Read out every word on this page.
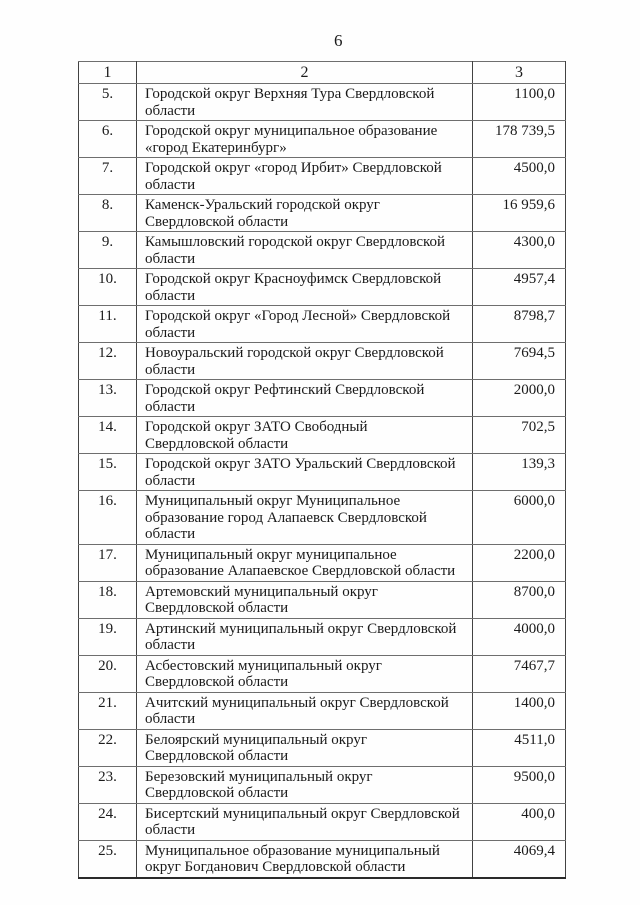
6
1	2	3
5.	Городской округ Верхняя Тура Свердловской области	1100,0
6.	Городской округ муниципальное образование «город Екатеринбург»	178 739,5
7.	Городской округ «город Ирбит» Свердловской области	4500,0
8.	Каменск-Уральский городской округ Свердловской области	16 959,6
9.	Камышловский городской округ Свердловской области	4300,0
10.	Городской округ Красноуфимск Свердловской области	4957,4
11.	Городской округ «Город Лесной» Свердловской области	8798,7
12.	Новоуральский городской округ Свердловской области	7694,5
13.	Городской округ Рефтинский Свердловской области	2000,0
14.	Городской округ ЗАТО Свободный Свердловской области	702,5
15.	Городской округ ЗАТО Уральский Свердловской области	139,3
16.	Муниципальный округ Муниципальное образование город Алапаевск Свердловской области	6000,0
17.	Муниципальный округ муниципальное образование Алапаевское Свердловской области	2200,0
18.	Артемовский муниципальный округ Свердловской области	8700,0
19.	Артинский муниципальный округ Свердловской области	4000,0
20.	Асбестовский муниципальный округ Свердловской области	7467,7
21.	Ачитский муниципальный округ Свердловской области	1400,0
22.	Белоярский муниципальный округ Свердловской области	4511,0
23.	Березовский муниципальный округ Свердловской области	9500,0
24.	Бисертский муниципальный округ Свердловской области	400,0
25.	Муниципальное образование муниципальный округ Богданович Свердловской области	4069,4
